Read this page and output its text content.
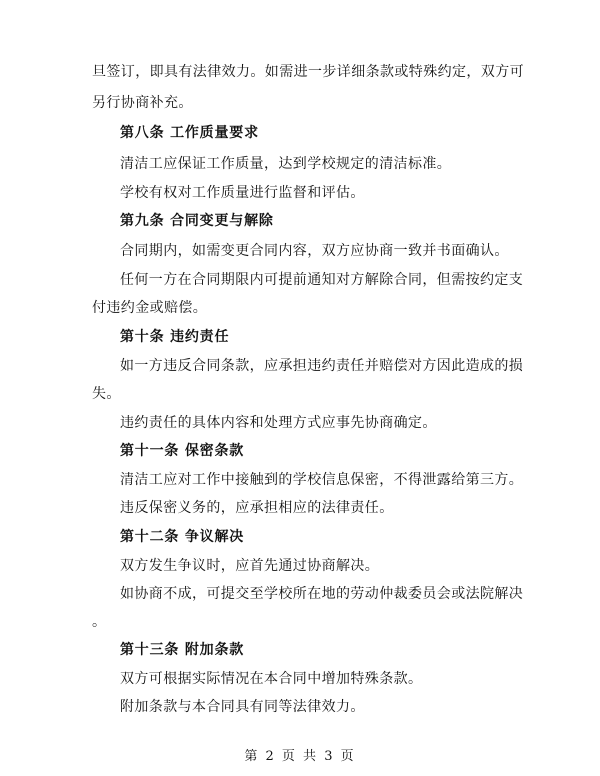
旦签订，即具有法律效力。如需进一步详细条款或特殊约定，双方可
另行协商补充。
第八条 工作质量要求
清洁工应保证工作质量，达到学校规定的清洁标准。
学校有权对工作质量进行监督和评估。
第九条 合同变更与解除
合同期内，如需变更合同内容，双方应协商一致并书面确认。
任何一方在合同期限内可提前通知对方解除合同，但需按约定支
付违约金或赔偿。
第十条 违约责任
如一方违反合同条款，应承担违约责任并赔偿对方因此造成的损
失。
违约责任的具体内容和处理方式应事先协商确定。
第十一条 保密条款
清洁工应对工作中接触到的学校信息保密，不得泄露给第三方。
违反保密义务的，应承担相应的法律责任。
第十二条 争议解决
双方发生争议时，应首先通过协商解决。
如协商不成，可提交至学校所在地的劳动仲裁委员会或法院解决
。
第十三条 附加条款
双方可根据实际情况在本合同中增加特殊条款。
附加条款与本合同具有同等法律效力。
第 2 页 共 3 页
